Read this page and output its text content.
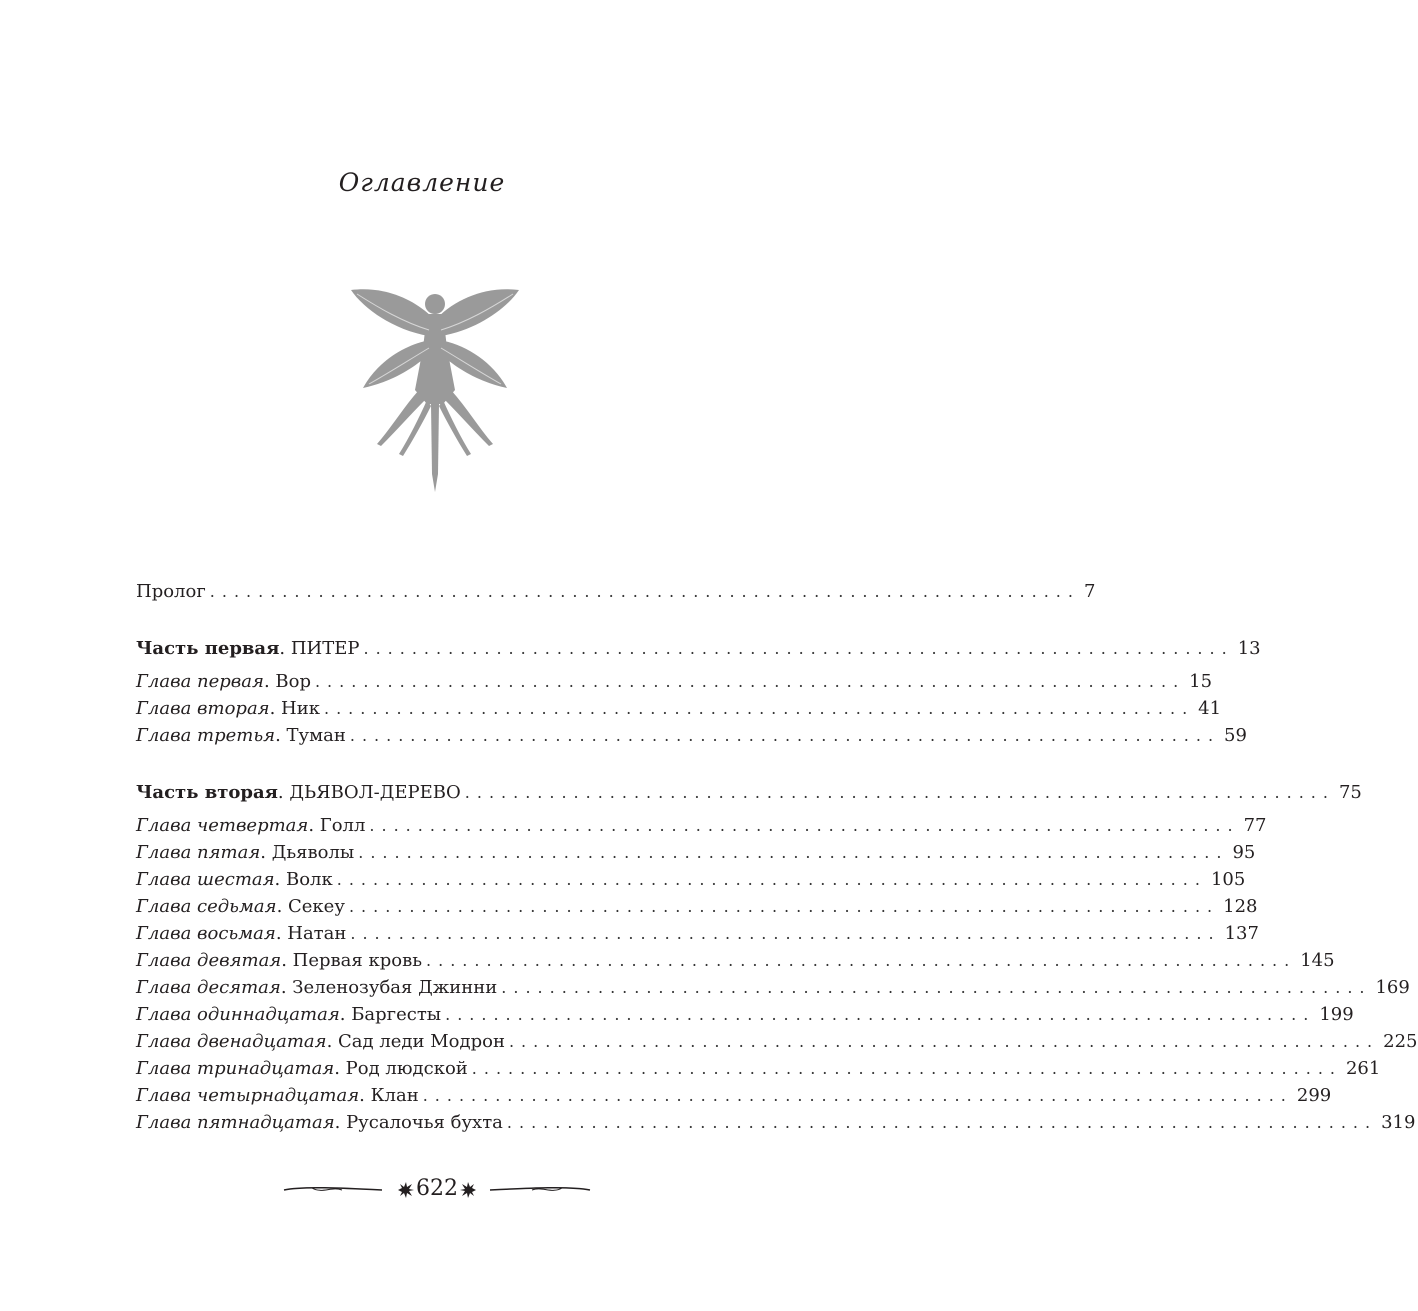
Оглавление
Пролог ........................................................................ 7
Часть первая. ПИТЕР ........................................................................ 13
Глава первая. Вор ........................................................................ 15
Глава вторая. Ник ........................................................................ 41
Глава третья. Туман ........................................................................ 59
Часть вторая. ДЬЯВОЛ-ДЕРЕВО ........................................................................ 75
Глава четвертая. Голл ........................................................................ 77
Глава пятая. Дьяволы ........................................................................ 95
Глава шестая. Волк ........................................................................ 105
Глава седьмая. Секеу ........................................................................ 128
Глава восьмая. Натан ........................................................................ 137
Глава девятая. Первая кровь ........................................................................ 145
Глава десятая. Зеленозубая Джинни ........................................................................ 169
Глава одиннадцатая. Баргесты ........................................................................ 199
Глава двенадцатая. Сад леди Модрон ........................................................................ 225
Глава тринадцатая. Род людской ........................................................................ 261
Глава четырнадцатая. Клан ........................................................................ 299
Глава пятнадцатая. Русалочья бухта ........................................................................ 319
622
